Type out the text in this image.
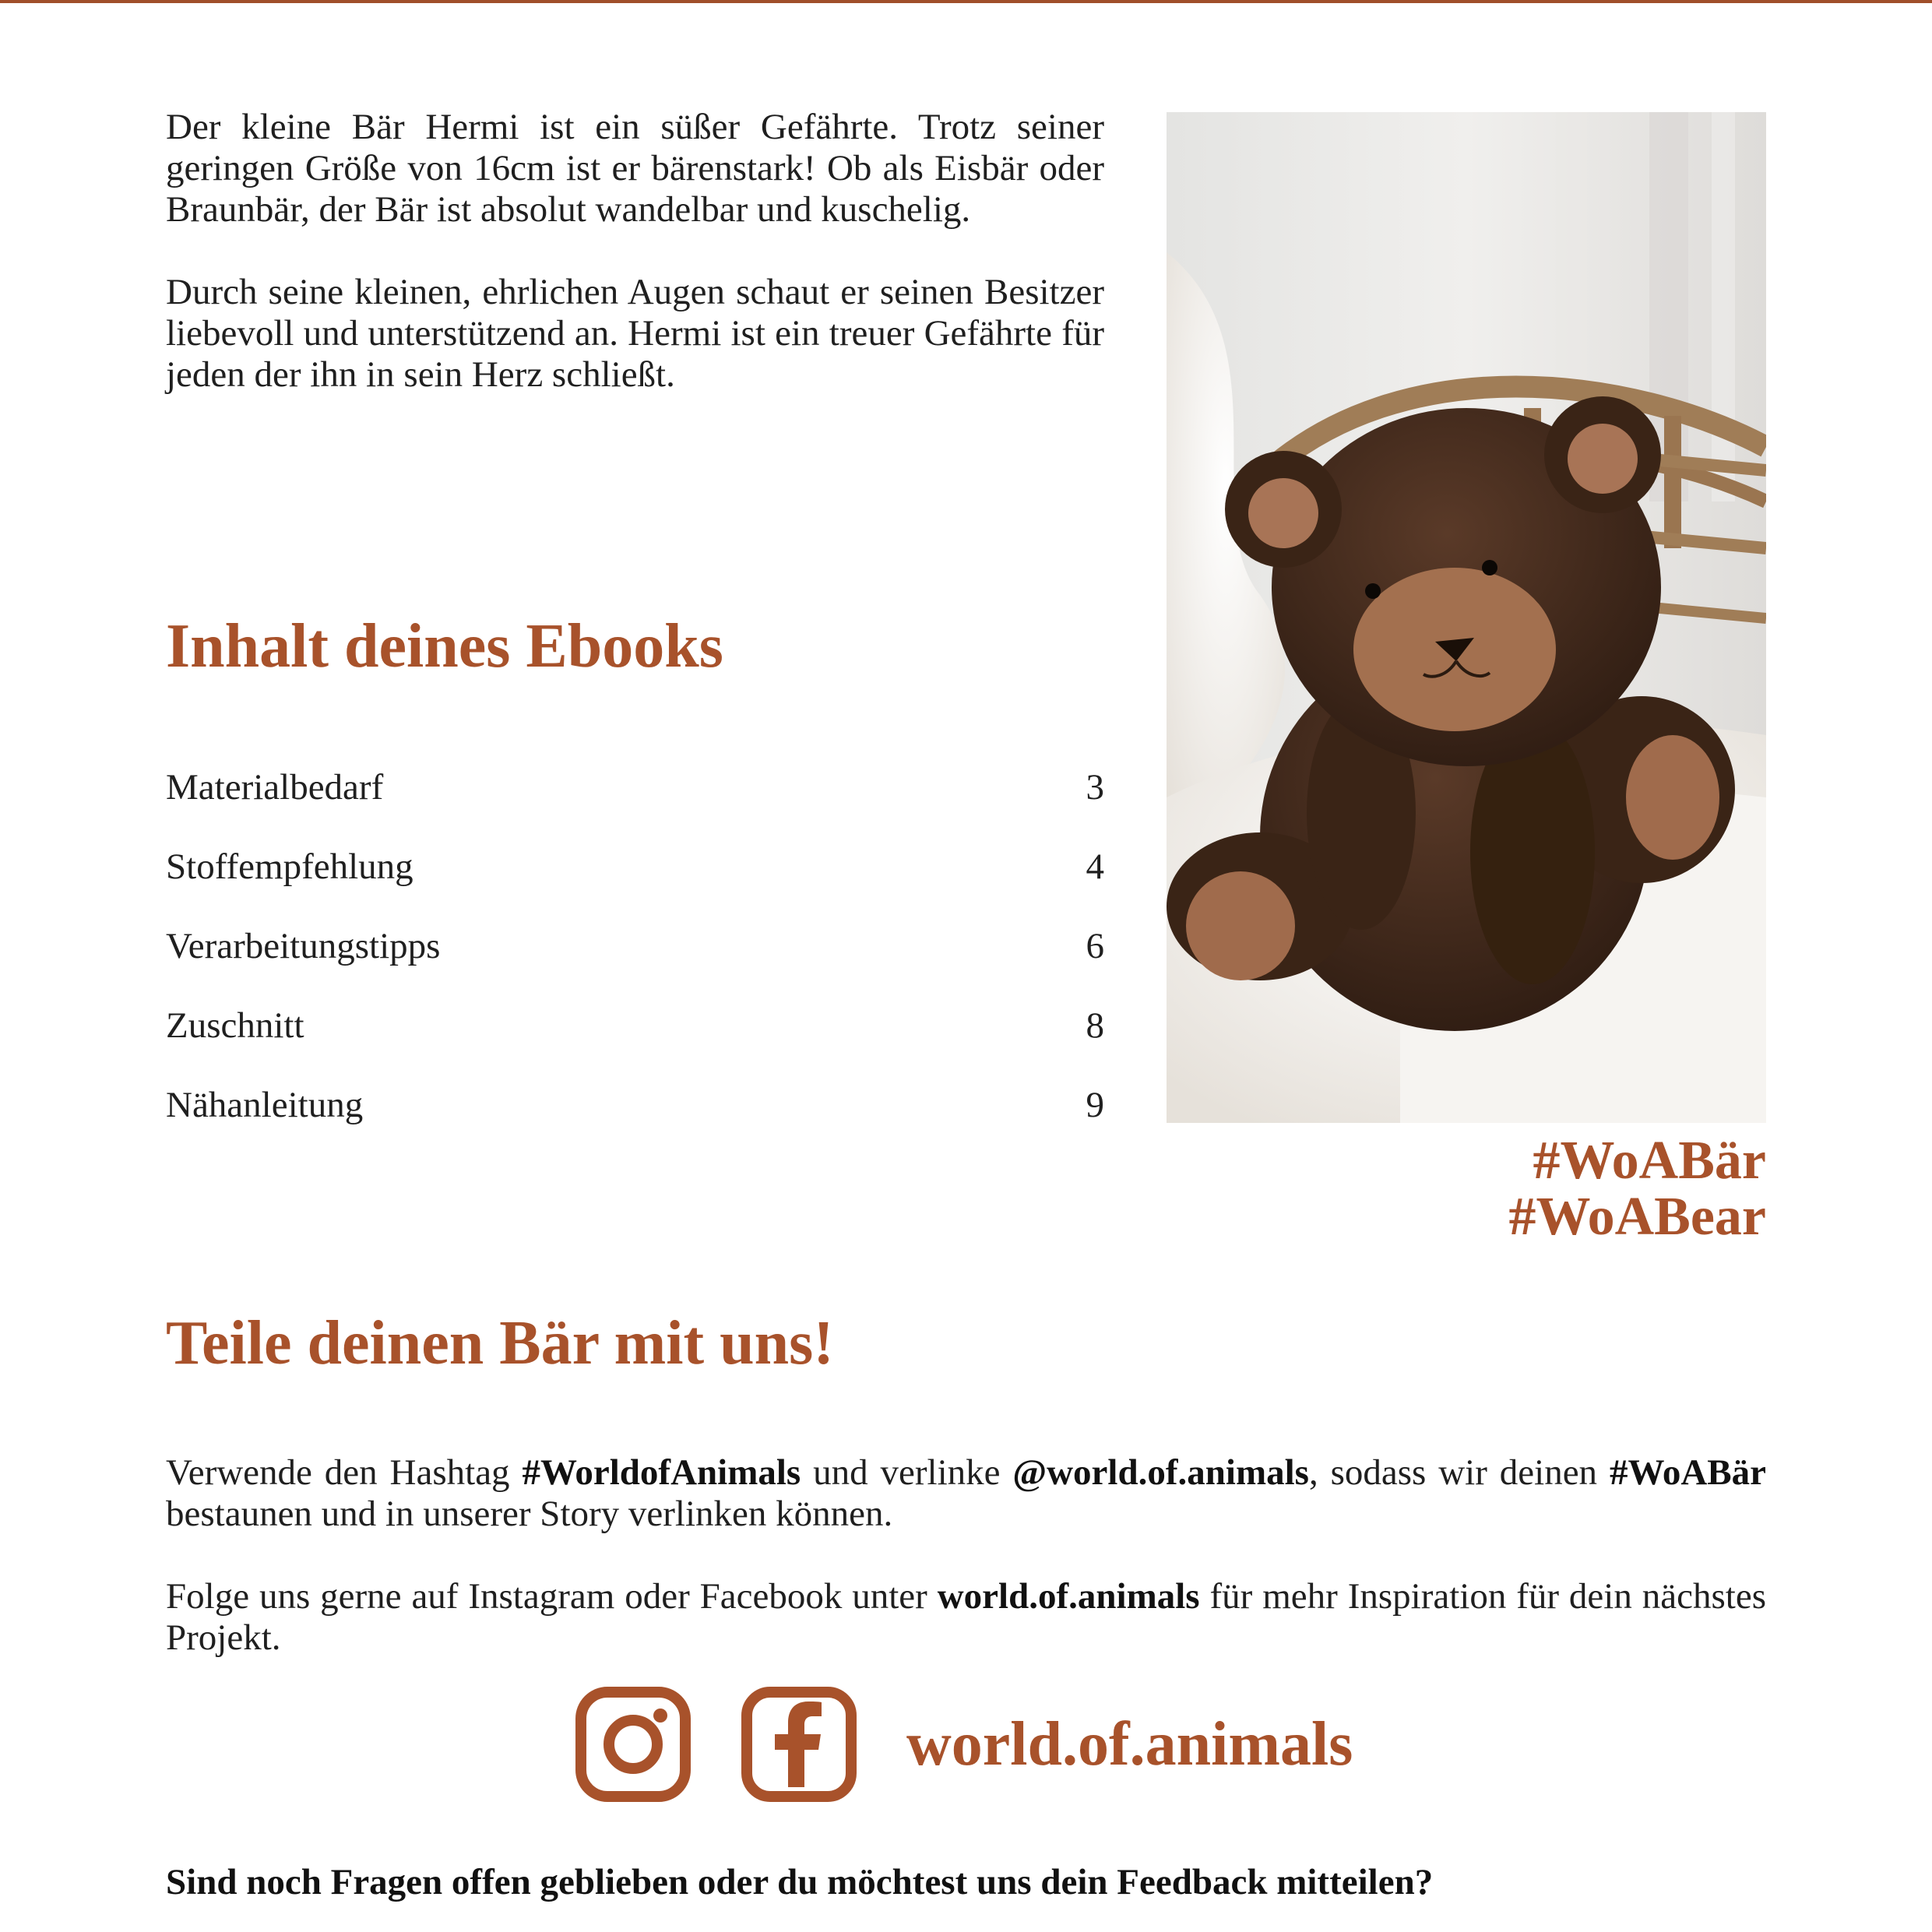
Der kleine Bär Hermi ist ein süßer Gefährte. Trotz seiner geringen Größe von 16cm ist er bärenstark! Ob als Eisbär oder Braunbär, der Bär ist absolut wandelbar und kuschelig.

Durch seine kleinen, ehrlichen Augen schaut er seinen Besitzer liebevoll und unterstützend an. Hermi ist ein treuer Gefährte für jeden der ihn in sein Herz schließt.

Inhalt deines Ebooks
Materialbedarf	3
Stoffempfehlung	4
Verarbeitungstipps	6
Zuschnitt	8
Nähanleitung	9
#WoABär
#WoABear
Teile deinen Bär mit uns!

Verwende den Hashtag #WorldofAnimals und verlinke @world.of.animals, sodass wir deinen #WoABär bestaunen und in unserer Story verlinken können.

Folge uns gerne auf Instagram oder Facebook unter world.of.animals für mehr Inspiration für dein nächstes Projekt.

world.of.animals
Sind noch Fragen offen geblieben oder du möchtest uns dein Feedback mitteilen?
